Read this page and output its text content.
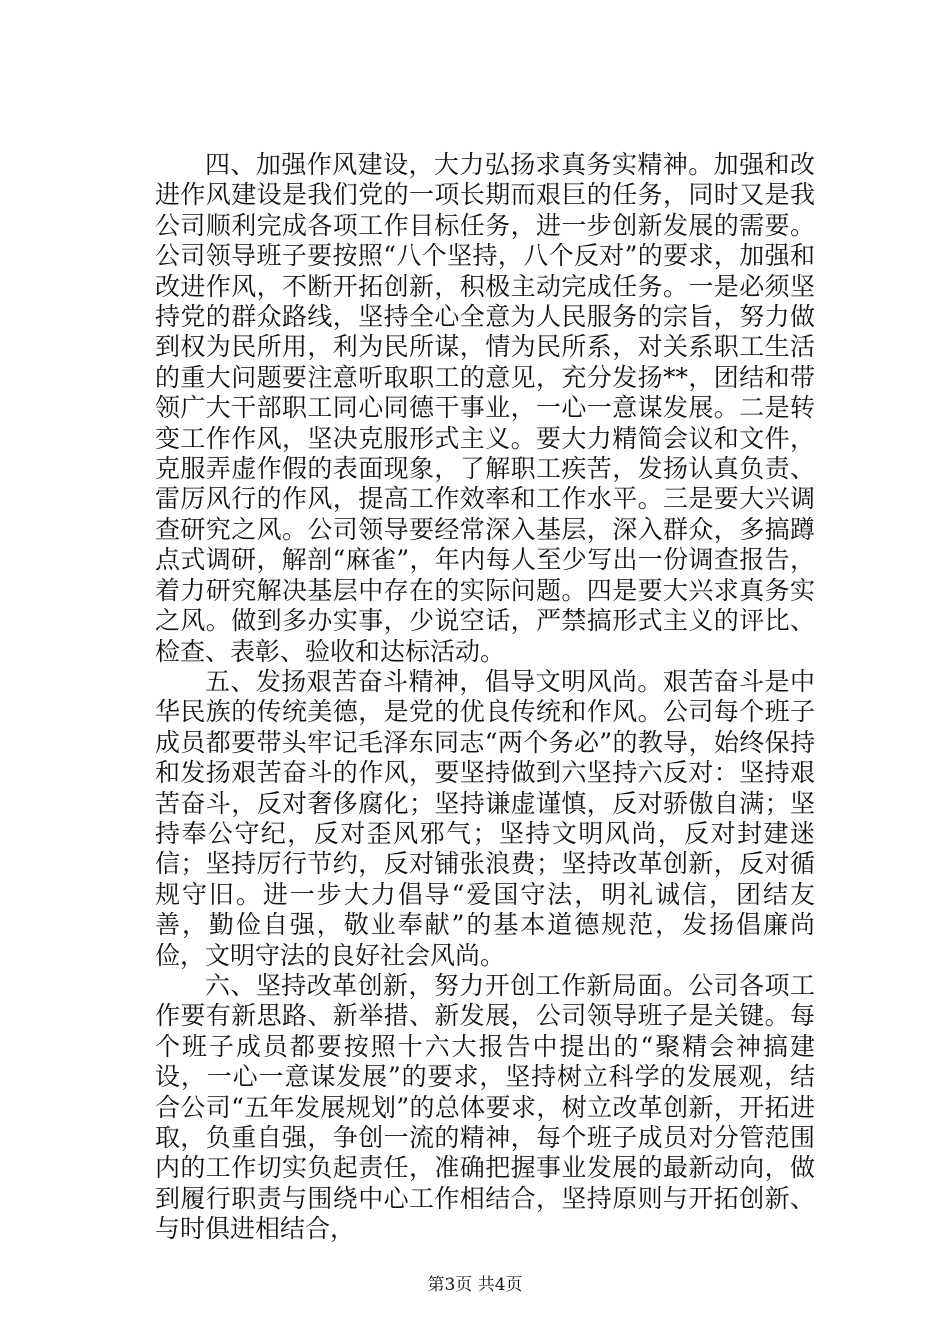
四、加强作风建设，大力弘扬求真务实精神。加强和改进作风建设是我们党的一项长期而艰巨的任务，同时又是我公司顺利完成各项工作目标任务，进一步创新发展的需要。公司领导班子要按照“八个坚持，八个反对”的要求，加强和改进作风，不断开拓创新，积极主动完成任务。一是必须坚持党的群众路线，坚持全心全意为人民服务的宗旨，努力做到权为民所用，利为民所谋，情为民所系，对关系职工生活的重大问题要注意听取职工的意见，充分发扬**，团结和带领广大干部职工同心同德干事业，一心一意谋发展。二是转变工作作风，坚决克服形式主义。要大力精简会议和文件，克服弄虚作假的表面现象，了解职工疾苦，发扬认真负责、雷厉风行的作风，提高工作效率和工作水平。三是要大兴调查研究之风。公司领导要经常深入基层，深入群众，多搞蹲点式调研，解剖“麻雀”，年内每人至少写出一份调查报告，着力研究解决基层中存在的实际问题。四是要大兴求真务实之风。做到多办实事，少说空话，严禁搞形式主义的评比、检查、表彰、验收和达标活动。

五、发扬艰苦奋斗精神，倡导文明风尚。艰苦奋斗是中华民族的传统美德，是党的优良传统和作风。公司每个班子成员都要带头牢记毛泽东同志“两个务必”的教导，始终保持和发扬艰苦奋斗的作风，要坚持做到六坚持六反对：坚持艰苦奋斗，反对奢侈腐化；坚持谦虚谨慎，反对骄傲自满；坚持奉公守纪，反对歪风邪气；坚持文明风尚，反对封建迷信；坚持厉行节约，反对铺张浪费；坚持改革创新，反对循规守旧。进一步大力倡导“爱国守法，明礼诚信，团结友善，勤俭自强，敬业奉献”的基本道德规范，发扬倡廉尚俭，文明守法的良好社会风尚。

六、坚持改革创新，努力开创工作新局面。公司各项工作要有新思路、新举措、新发展，公司领导班子是关键。每个班子成员都要按照十六大报告中提出的“聚精会神搞建设，一心一意谋发展”的要求，坚持树立科学的发展观，结合公司“五年发展规划”的总体要求，树立改革创新，开拓进取，负重自强，争创一流的精神，每个班子成员对分管范围内的工作切实负起责任，准确把握事业发展的最新动向，做到履行职责与围绕中心工作相结合，坚持原则与开拓创新、与时俱进相结合，

第3页 共4页
